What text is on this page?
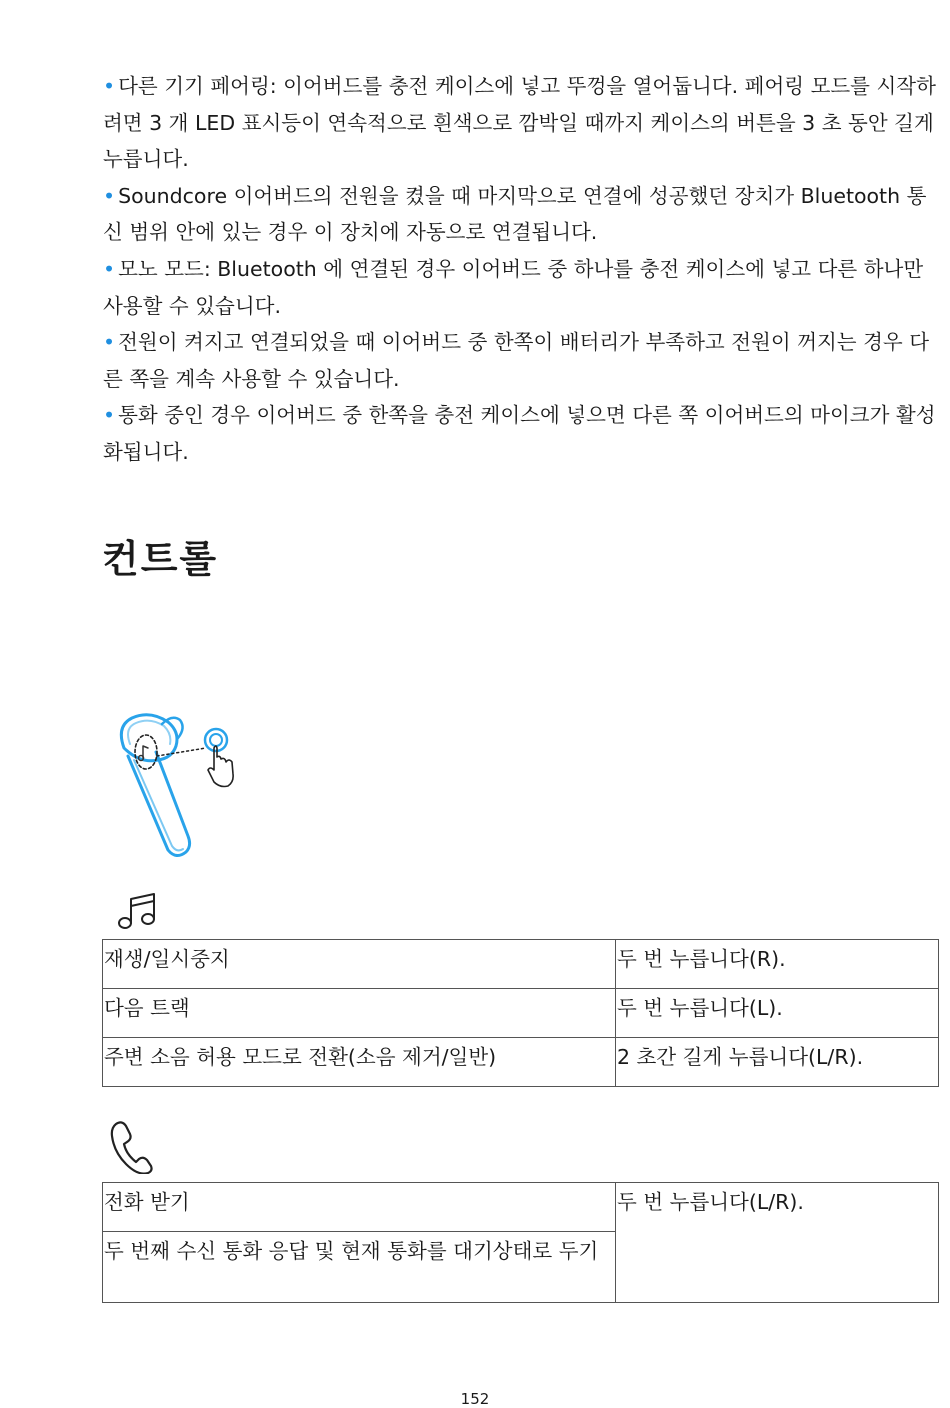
• 다른 기기 페어링: 이어버드를 충전 케이스에 넣고 뚜껑을 열어둡니다. 페어링 모드를 시작하려면 3 개 LED 표시등이 연속적으로 흰색으로 깜박일 때까지 케이스의 버튼을 3 초 동안 길게 누릅니다.

• Soundcore 이어버드의 전원을 켰을 때 마지막으로 연결에 성공했던 장치가 Bluetooth 통신 범위 안에 있는 경우 이 장치에 자동으로 연결됩니다.

• 모노 모드: Bluetooth 에 연결된 경우 이어버드 중 하나를 충전 케이스에 넣고 다른 하나만 사용할 수 있습니다.

• 전원이 켜지고 연결되었을 때 이어버드 중 한쪽이 배터리가 부족하고 전원이 꺼지는 경우 다른 쪽을 계속 사용할 수 있습니다.

• 통화 중인 경우 이어버드 중 한쪽을 충전 케이스에 넣으면 다른 쪽 이어버드의 마이크가 활성화됩니다.

컨트롤
재생/일시중지	두 번 누릅니다(R).
다음 트랙	두 번 누릅니다(L).
주변 소음 허용 모드로 전환(소음 제거/일반)	2 초간 길게 누릅니다(L/R).
전화 받기	두 번 누릅니다(L/R).
두 번째 수신 통화 응답 및 현재 통화를 대기상태로 두기
152
